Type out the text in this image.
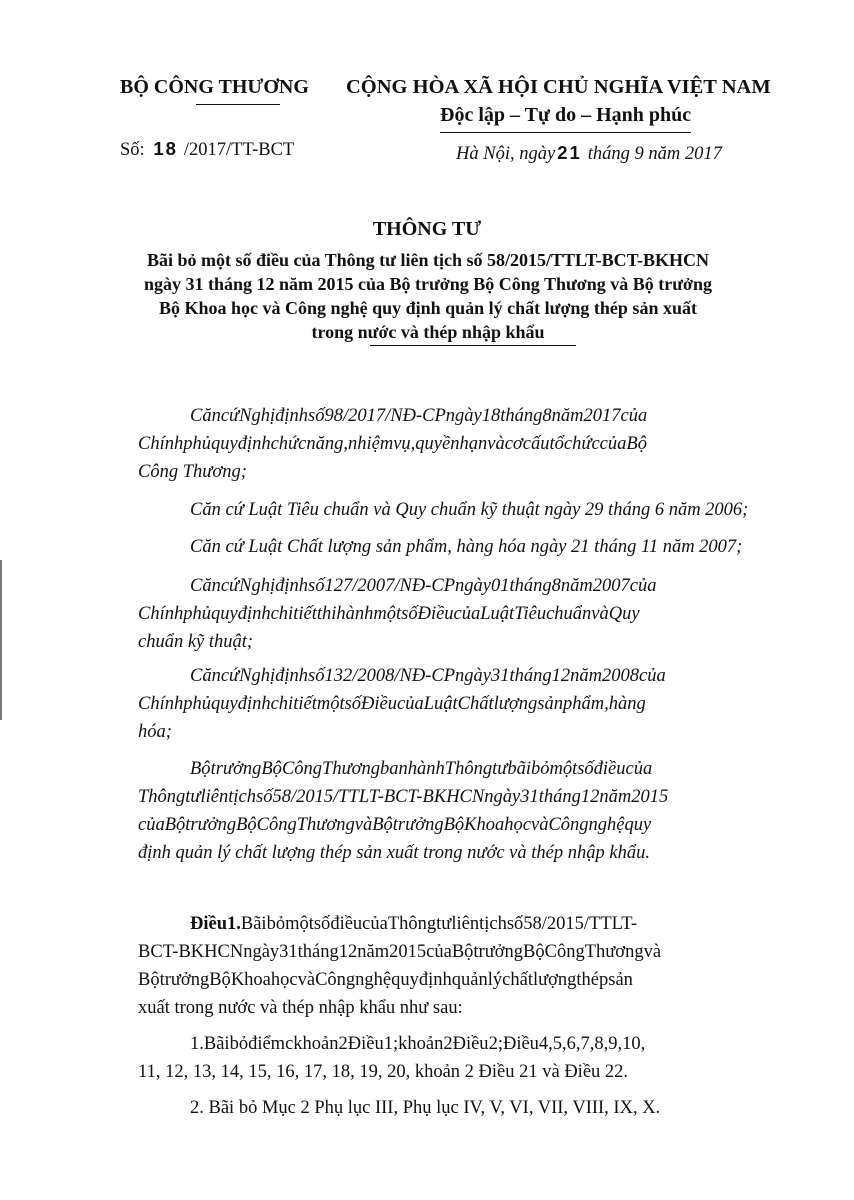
BỘ CÔNG THƯƠNG CỘNG HÒA XÃ HỘI CHỦ NGHĨA VIỆT NAM
Độc lập – Tự do – Hạnh phúc
Số: 18 /2017/TT-BCT	Hà Nội, ngày 21 tháng 9 năm 2017
THÔNG TƯ
Bãi bỏ một số điều của Thông tư liên tịch số 58/2015/TTLT-BCT-BKHCN
ngày 31 tháng 12 năm 2015 của Bộ trưởng Bộ Công Thương và Bộ trưởng
Bộ Khoa học và Công nghệ quy định quản lý chất lượng thép sản xuất
trong nước và thép nhập khẩu
CăncứNghịđịnhsố98/2017/NĐ-CPngày18tháng8năm2017của
Chínhphủquyđịnhchứcnăng,nhiệmvụ,quyềnhạnvàcơcấutổchứccủaBộ
Công Thương;
Căn cứ Luật Tiêu chuẩn và Quy chuẩn kỹ thuật ngày 29 tháng 6 năm 2006;
Căn cứ Luật Chất lượng sản phẩm, hàng hóa ngày 21 tháng 11 năm 2007;
CăncứNghịđịnhsố127/2007/NĐ-CPngày01tháng8năm2007của
ChínhphủquyđịnhchitiếtthihànhmộtsốĐiềucủaLuậtTiêuchuẩnvàQuy
chuẩn kỹ thuật;
CăncứNghịđịnhsố132/2008/NĐ-CPngày31tháng12năm2008của
ChínhphủquyđịnhchitiếtmộtsốĐiềucủaLuậtChấtlượngsảnphẩm,hàng
hóa;
BộtrưởngBộCôngThươngbanhànhThôngtưbãibỏmộtsốđiềucủa
Thôngtưliêntịchsố58/2015/TTLT-BCT-BKHCNngày31tháng12năm2015
củaBộtrưởngBộCôngThươngvàBộtrưởngBộKhoahọcvàCôngnghệquy
định quản lý chất lượng thép sản xuất trong nước và thép nhập khẩu.
Điều1.BãibỏmộtsốđiềucủaThôngtưliêntịchsố58/2015/TTLT-
BCT-BKHCNngày31tháng12năm2015củaBộtrưởngBộCôngThươngvà
BộtrưởngBộKhoahọcvàCôngnghệquyđịnhquảnlýchấtlượngthépsản
xuất trong nước và thép nhập khẩu như sau:
1.Bãibỏđiểmckhoản2Điều1;khoản2Điều2;Điều4,5,6,7,8,9,10,
11, 12, 13, 14, 15, 16, 17, 18, 19, 20, khoản 2 Điều 21 và Điều 22.
2. Bãi bỏ Mục 2 Phụ lục III, Phụ lục IV, V, VI, VII, VIII, IX, X.
